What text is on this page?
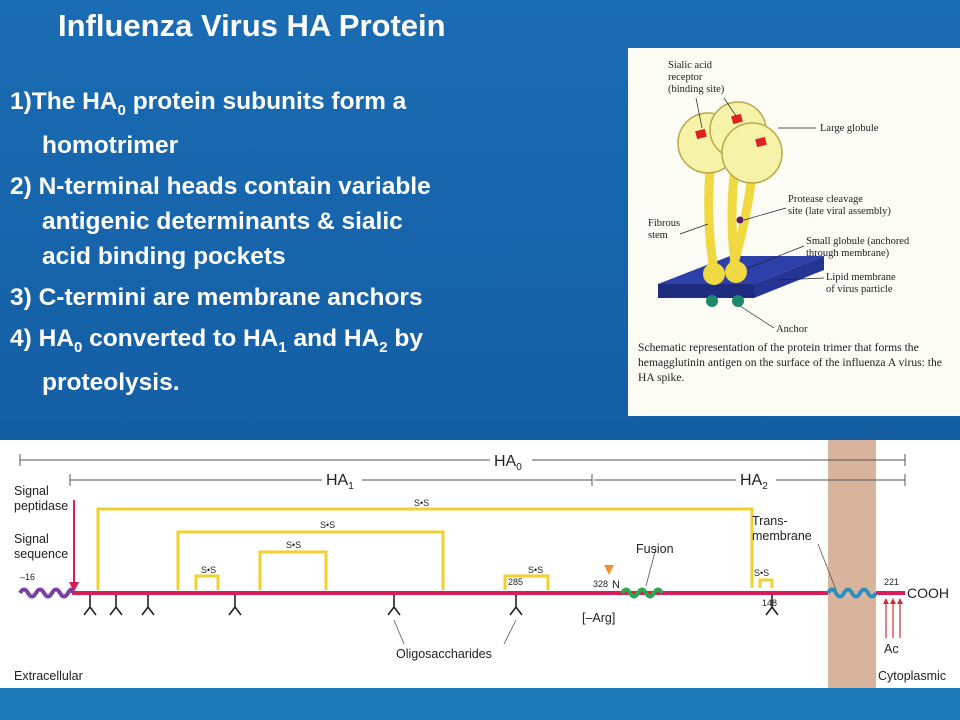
Influenza Virus HA Protein
1)The $HA_0$ protein subunits form a
homotrimer
2) N-terminal heads contain variable
antigenic determinants & sialic
acid binding pockets
3) C-termini are membrane anchors
4) $HA_0$ converted to $HA_1$ and $HA_2$ by
proteolysis.
Sialic acid receptor (binding site)
Large globule
Protease cleavage site (late viral assembly)
Fibrous stem
Small globule (anchored through membrane)
Lipid membrane of virus particle
Anchor
Schematic representation of the protein trimer that forms the hemagglutinin antigen on the surface of the influenza A virus: the HA spike.
$HA_0$
$HA_1$	$HA_2$
S•S
S•S
S•S
S•S	S•S	S•S
285
148
Signal peptidase
Signal sequence
–16
328 N
Fusion
[–Arg]
Trans-membrane
221
COOH
Ac
Oligosaccharides
Extracellular	Cytoplasmic
